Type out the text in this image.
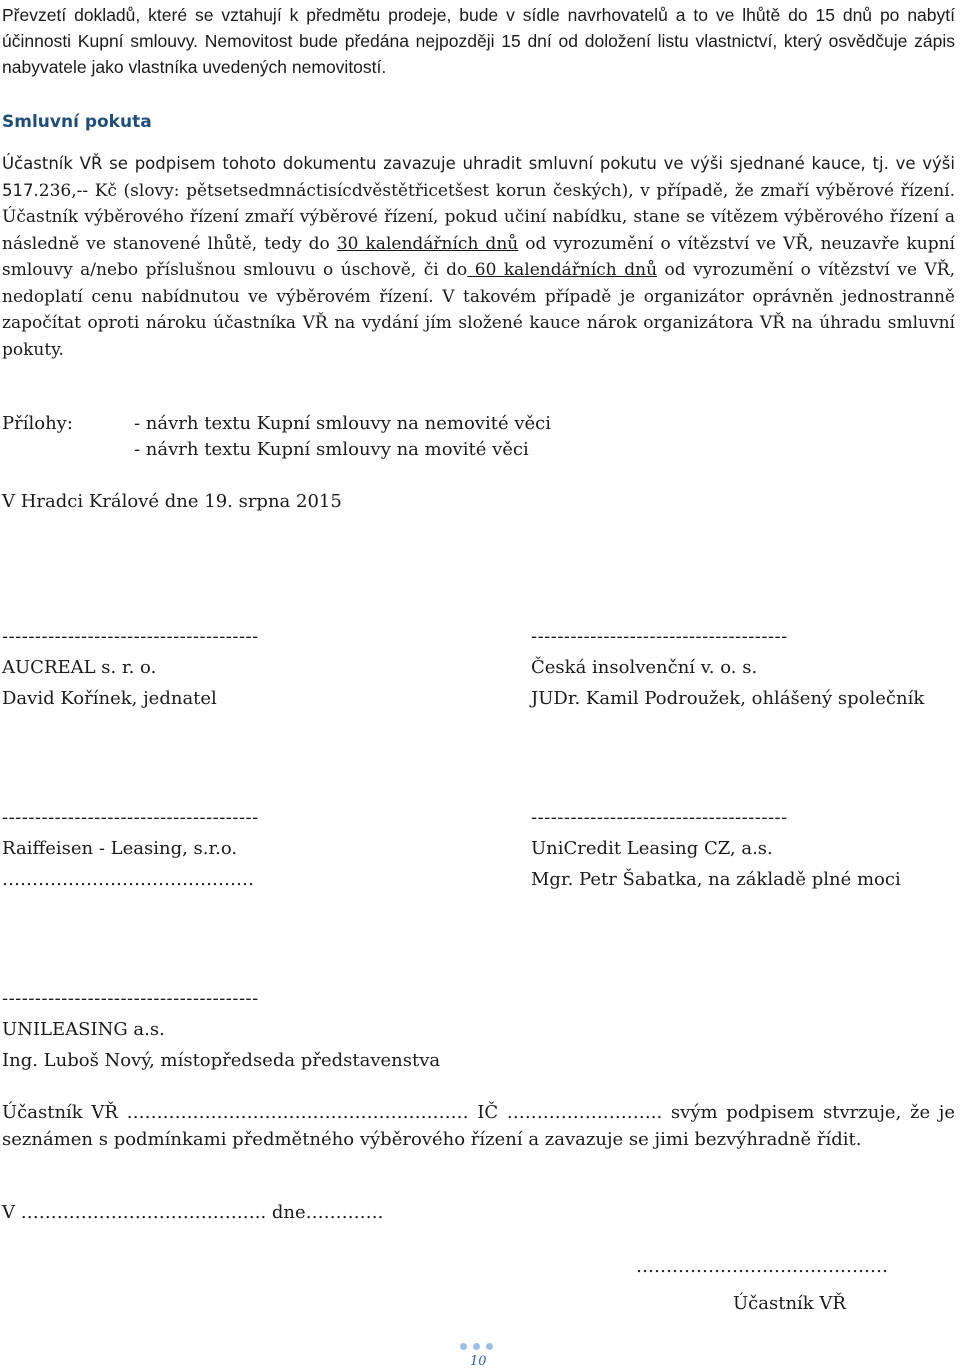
Převzetí dokladů, které se vztahují k předmětu prodeje, bude v sídle navrhovatelů a to ve lhůtě do 15 dnů po nabytí účinnosti Kupní smlouvy. Nemovitost bude předána nejpozději 15 dní od doložení listu vlastnictví, který osvědčuje zápis nabyvatele jako vlastníka uvedených nemovitostí.

Smluvní pokuta

Účastník VŘ se podpisem tohoto dokumentu zavazuje uhradit smluvní pokutu ve výši sjednané kauce, tj. ve výši 517.236,-- Kč (slovy: pětsetsedmnáctisícdvěstětřicetšest korun českých), v případě, že zmaří výběrové řízení. Účastník výběrového řízení zmaří výběrové řízení, pokud učiní nabídku, stane se vítězem výběrového řízení a následně ve stanovené lhůtě, tedy do 30 kalendářních dnů od vyrozumění o vítězství ve VŘ, neuzavře kupní smlouvy a/nebo příslušnou smlouvu o úschově, či do 60 kalendářních dnů od vyrozumění o vítězství ve VŘ, nedoplatí cenu nabídnutou ve výběrovém řízení. V takovém případě je organizátor oprávněn jednostranně započítat oproti nároku účastníka VŘ na vydání jím složené kauce nárok organizátora VŘ na úhradu smluvní pokuty.

Přílohy:	- návrh textu Kupní smlouvy na nemovité věci

- návrh textu Kupní smlouvy na movité věci

V Hradci Králové dne 19. srpna 2015

---------------------------------------
AUCREAL s. r. o.
David Kořínek, jednatel
---------------------------------------
Česká insolvenční v. o. s.
JUDr. Kamil Podroužek, ohlášený společník
---------------------------------------
Raiffeisen - Leasing, s.r.o.
……………………………………
---------------------------------------
UniCredit Leasing CZ, a.s.
Mgr. Petr Šabatka, na základě plné moci
---------------------------------------
UNILEASING a.s.
Ing. Luboš Nový, místopředseda představenstva

Účastník VŘ ………………………………………………… IČ …………………….. svým podpisem stvrzuje, že je seznámen s podmínkami předmětného výběrového řízení a zavazuje se jimi bezvýhradně řídit.

V ………………………………….. dne………….

……………………………………

Účastník VŘ

10
